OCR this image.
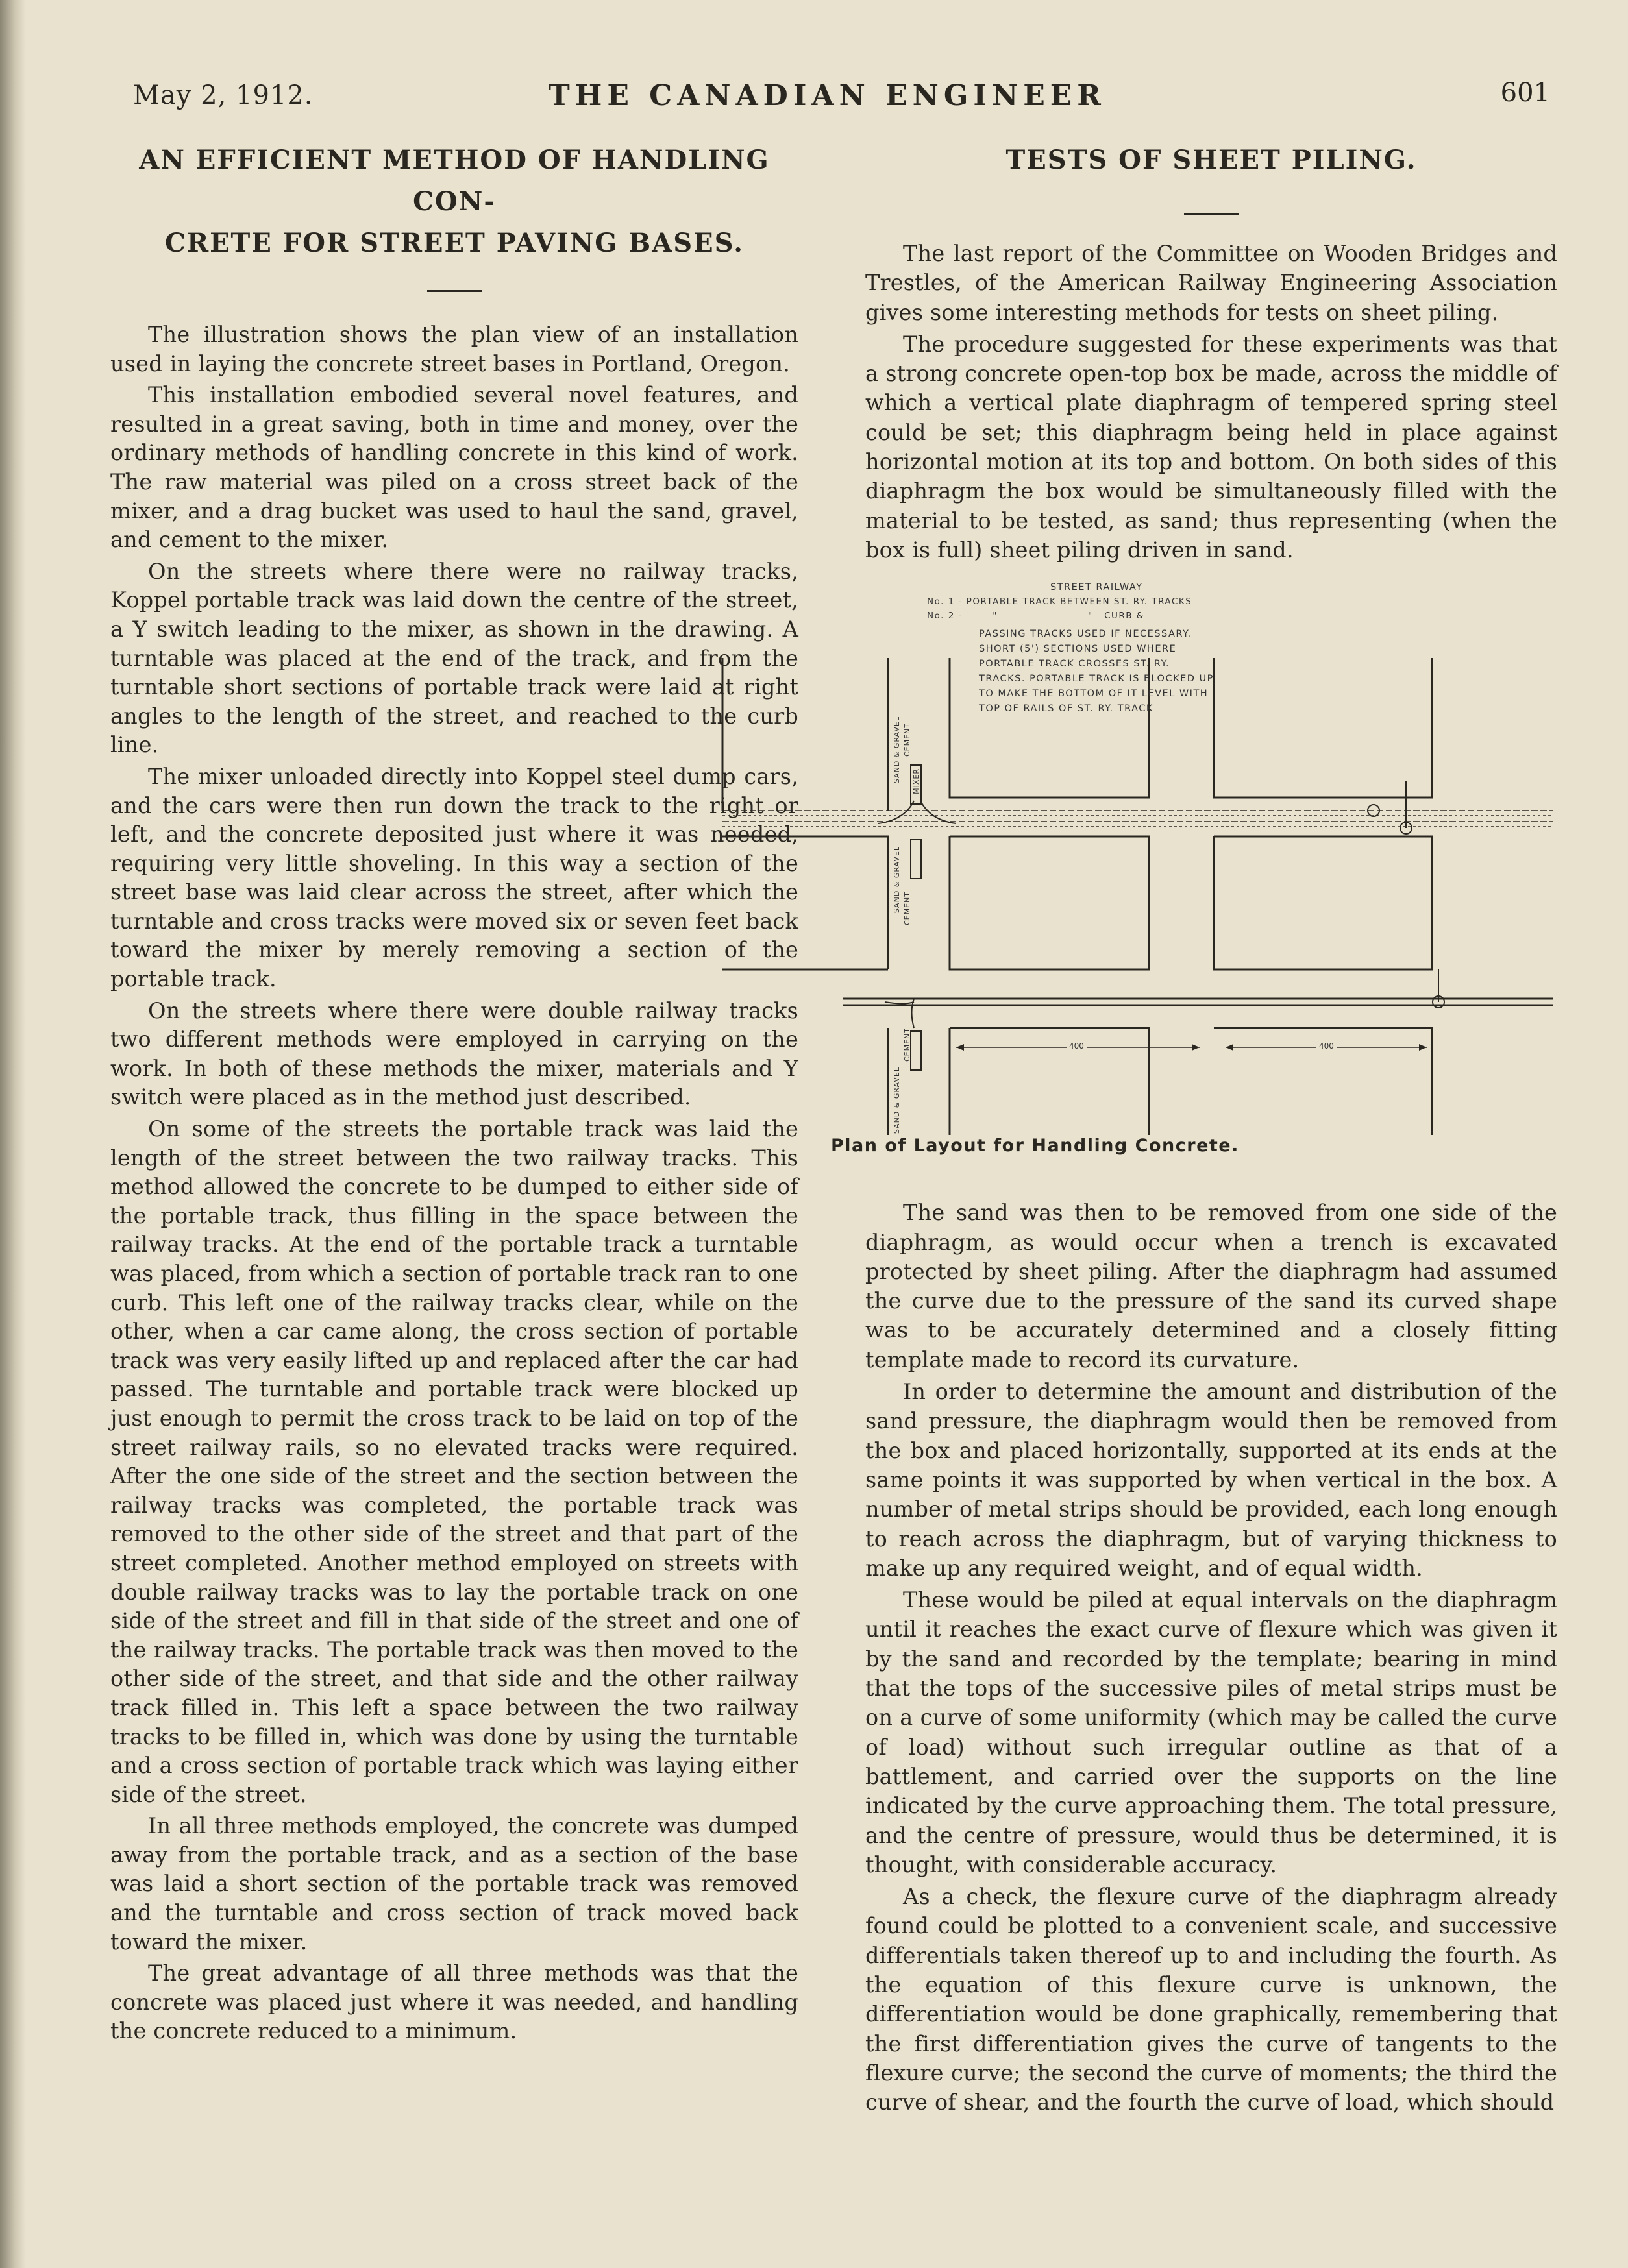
May 2, 1912.	THE CANADIAN ENGINEER	601
AN EFFICIENT METHOD OF HANDLING CON-
CRETE FOR STREET PAVING BASES.

The illustration shows the plan view of an installation used in laying the concrete street bases in Portland, Oregon.

This installation embodied several novel features, and resulted in a great saving, both in time and money, over the ordinary methods of handling concrete in this kind of work. The raw material was piled on a cross street back of the mixer, and a drag bucket was used to haul the sand, gravel, and cement to the mixer.

On the streets where there were no railway tracks, Koppel portable track was laid down the centre of the street, a Y switch leading to the mixer, as shown in the drawing. A turntable was placed at the end of the track, and from the turntable short sections of portable track were laid at right angles to the length of the street, and reached to the curb line.

The mixer unloaded directly into Koppel steel dump cars, and the cars were then run down the track to the right or left, and the concrete deposited just where it was needed, requiring very little shoveling. In this way a section of the street base was laid clear across the street, after which the turntable and cross tracks were moved six or seven feet back toward the mixer by merely removing a section of the portable track.

On the streets where there were double railway tracks two different methods were employed in carrying on the work. In both of these methods the mixer, materials and Y switch were placed as in the method just described.

On some of the streets the portable track was laid the length of the street between the two railway tracks. This method allowed the concrete to be dumped to either side of the portable track, thus filling in the space between the railway tracks. At the end of the portable track a turntable was placed, from which a section of portable track ran to one curb. This left one of the railway tracks clear, while on the other, when a car came along, the cross section of portable track was very easily lifted up and replaced after the car had passed. The turntable and portable track were blocked up just enough to permit the cross track to be laid on top of the street railway rails, so no elevated tracks were required. After the one side of the street and the section between the railway tracks was completed, the portable track was removed to the other side of the street and that part of the street completed. Another method employed on streets with double railway tracks was to lay the portable track on one side of the street and fill in that side of the street and one of the railway tracks. The portable track was then moved to the other side of the street, and that side and the other railway track filled in. This left a space between the two railway tracks to be filled in, which was done by using the turntable and a cross section of portable track which was laying either side of the street.

In all three methods employed, the concrete was dumped away from the portable track, and as a section of the base was laid a short section of the portable track was removed and the turntable and cross section of track moved back toward the mixer.

The great advantage of all three methods was that the concrete was placed just where it was needed, and handling the concrete reduced to a minimum.

TESTS OF SHEET PILING.

The last report of the Committee on Wooden Bridges and Trestles, of the American Railway Engineering Association gives some interesting methods for tests on sheet piling.

The procedure suggested for these experiments was that a strong concrete open-top box be made, across the middle of which a vertical plate diaphragm of tempered spring steel could be set; this diaphragm being held in place against horizontal motion at its top and bottom. On both sides of this diaphragm the box would be simultaneously filled with the material to be tested, as sand; thus representing (when the box is full) sheet piling driven in sand.

STREET RAILWAY
No. 1 - PORTABLE TRACK BETWEEN ST. RY. TRACKS
No. 2 -        "                        "   CURB &
PASSING TRACKS USED IF NECESSARY. SHORT (5') SECTIONS USED WHERE PORTABLE TRACK CROSSES ST. RY. TRACKS. PORTABLE TRACK IS BLOCKED UP TO MAKE THE BOTTOM OF IT LEVEL WITH TOP OF RAILS OF ST. RY. TRACK
SAND & GRAVEL CEMENT
MIXER
SAND & GRAVEL CEMENT
SAND & GRAVEL
CEMENT	400	400
Plan of Layout for Handling Concrete.

The sand was then to be removed from one side of the diaphragm, as would occur when a trench is excavated protected by sheet piling. After the diaphragm had assumed the curve due to the pressure of the sand its curved shape was to be accurately determined and a closely fitting template made to record its curvature.

In order to determine the amount and distribution of the sand pressure, the diaphragm would then be removed from the box and placed horizontally, supported at its ends at the same points it was supported by when vertical in the box. A number of metal strips should be provided, each long enough to reach across the diaphragm, but of varying thickness to make up any required weight, and of equal width.

These would be piled at equal intervals on the diaphragm until it reaches the exact curve of flexure which was given it by the sand and recorded by the template; bearing in mind that the tops of the successive piles of metal strips must be on a curve of some uniformity (which may be called the curve of load) without such irregular outline as that of a battlement, and carried over the supports on the line indicated by the curve approaching them. The total pressure, and the centre of pressure, would thus be determined, it is thought, with considerable accuracy.

As a check, the flexure curve of the diaphragm already found could be plotted to a convenient scale, and successive differentials taken thereof up to and including the fourth. As the equation of this flexure curve is unknown, the differentiation would be done graphically, remembering that the first differentiation gives the curve of tangents to the flexure curve; the second the curve of moments; the third the curve of shear, and the fourth the curve of load, which should
